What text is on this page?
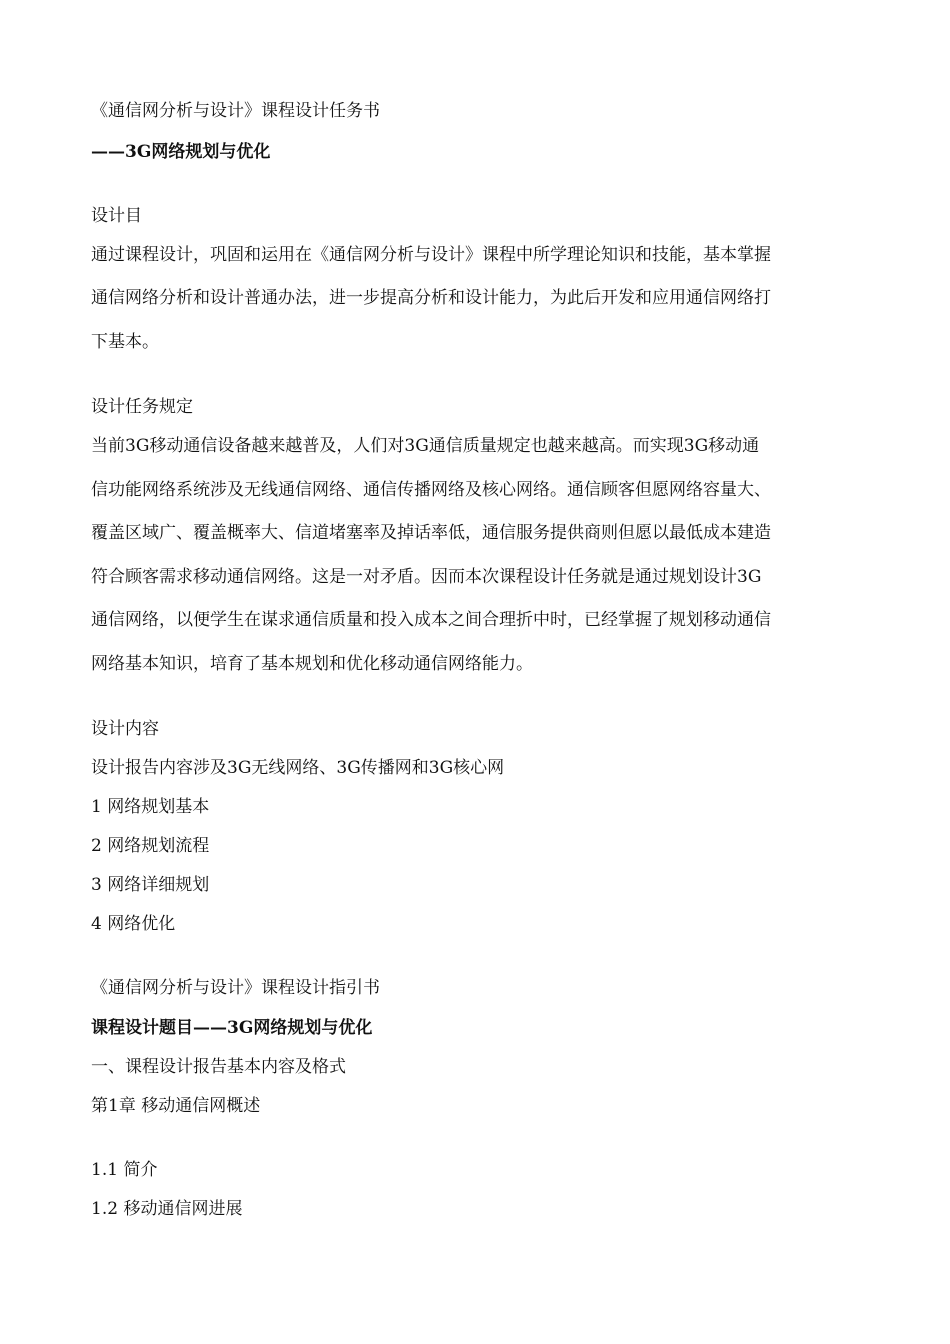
《通信网分析与设计》课程设计任务书
——3G网络规划与优化
设计目
通过课程设计，巩固和运用在《通信网分析与设计》课程中所学理论知识和技能，基本掌握
通信网络分析和设计普通办法，进一步提高分析和设计能力，为此后开发和应用通信网络打
下基本。
设计任务规定
当前3G移动通信设备越来越普及，人们对3G通信质量规定也越来越高。而实现3G移动通
信功能网络系统涉及无线通信网络、通信传播网络及核心网络。通信顾客但愿网络容量大、
覆盖区域广、覆盖概率大、信道堵塞率及掉话率低，通信服务提供商则但愿以最低成本建造
符合顾客需求移动通信网络。这是一对矛盾。因而本次课程设计任务就是通过规划设计3G
通信网络，以便学生在谋求通信质量和投入成本之间合理折中时，已经掌握了规划移动通信
网络基本知识，培育了基本规划和优化移动通信网络能力。
设计内容
设计报告内容涉及3G无线网络、3G传播网和3G核心网
1 网络规划基本
2 网络规划流程
3 网络详细规划
4 网络优化
《通信网分析与设计》课程设计指引书
课程设计题目——3G网络规划与优化
一、课程设计报告基本内容及格式
第1章 移动通信网概述
1.1 简介
1.2 移动通信网进展
